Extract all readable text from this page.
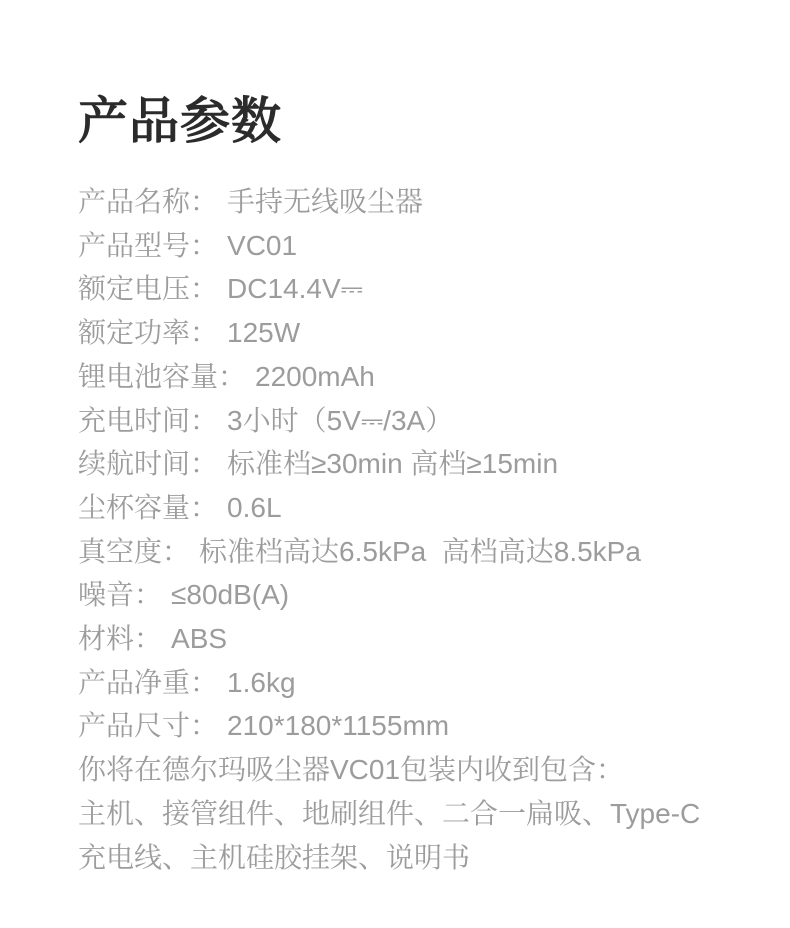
产品参数
产品名称： 手持无线吸尘器
产品型号： VC01
额定电压： DC14.4V⎓
额定功率： 125W
锂电池容量： 2200mAh
充电时间： 3小时（5V⎓/3A）
续航时间： 标准档≥30min 高档≥15min
尘杯容量： 0.6L
真空度： 标准档高达6.5kPa  高档高达8.5kPa
噪音： ≤80dB(A)
材料： ABS
产品净重： 1.6kg
产品尺寸： 210*180*1155mm
你将在德尔玛吸尘器VC01包装内收到包含：
主机、接管组件、地刷组件、二合一扁吸、Type-C
充电线、主机硅胶挂架、说明书
